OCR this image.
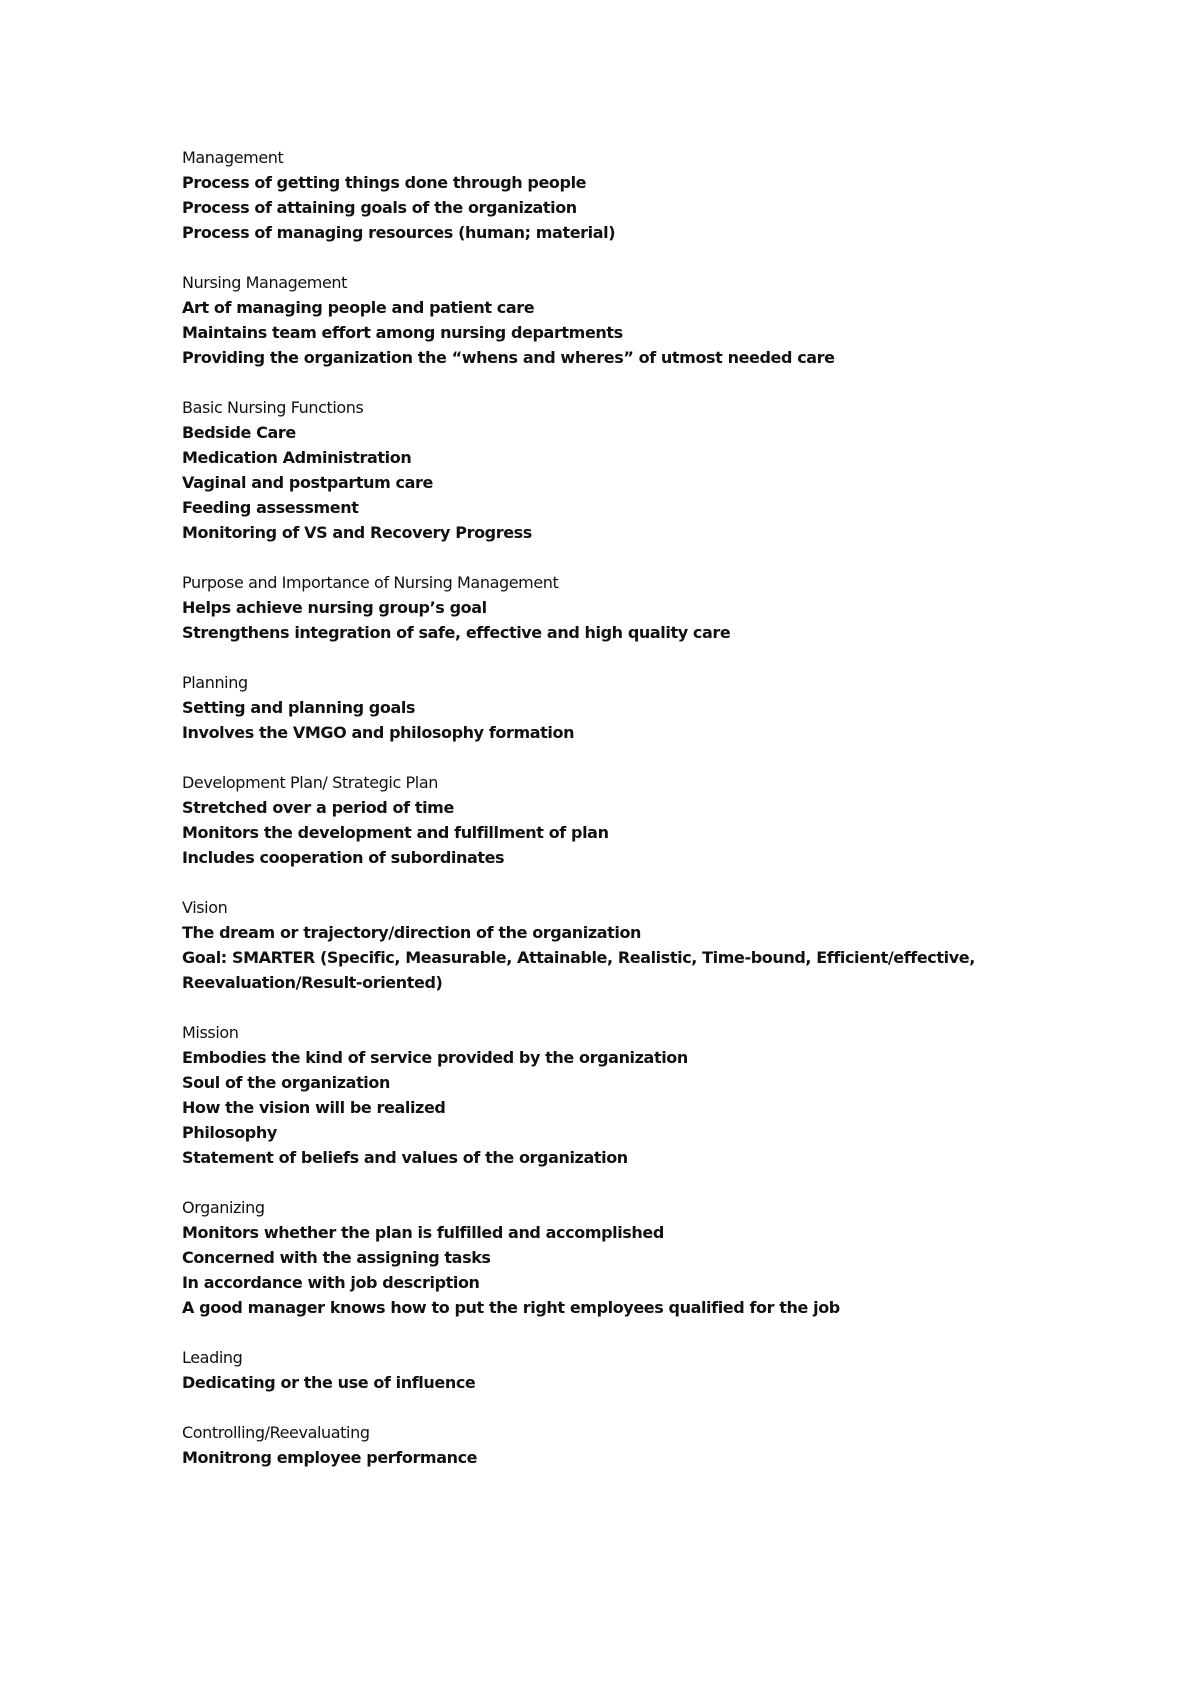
Management
Process of getting things done through people
Process of attaining goals of the organization
Process of managing resources (human; material)
Nursing Management
Art of managing people and patient care
Maintains team effort among nursing departments
Providing the organization the “whens and wheres” of utmost needed care
Basic Nursing Functions
Bedside Care
Medication Administration
Vaginal and postpartum care
Feeding assessment
Monitoring of VS and Recovery Progress
Purpose and Importance of Nursing Management
Helps achieve nursing group’s goal
Strengthens integration of safe, effective and high quality care
Planning
Setting and planning goals
Involves the VMGO and philosophy formation
Development Plan/ Strategic Plan
Stretched over a period of time
Monitors the development and fulfillment of plan
Includes cooperation of subordinates
Vision
The dream or trajectory/direction of the organization
Goal: SMARTER (Specific, Measurable, Attainable, Realistic, Time-bound, Efficient/effective,
Reevaluation/Result-oriented)
Mission
Embodies the kind of service provided by the organization
Soul of the organization
How the vision will be realized
Philosophy
Statement of beliefs and values of the organization
Organizing
Monitors whether the plan is fulfilled and accomplished
Concerned with the assigning tasks
In accordance with job description
A good manager knows how to put the right employees qualified for the job
Leading
Dedicating or the use of influence
Controlling/Reevaluating
Monitrong employee performance
